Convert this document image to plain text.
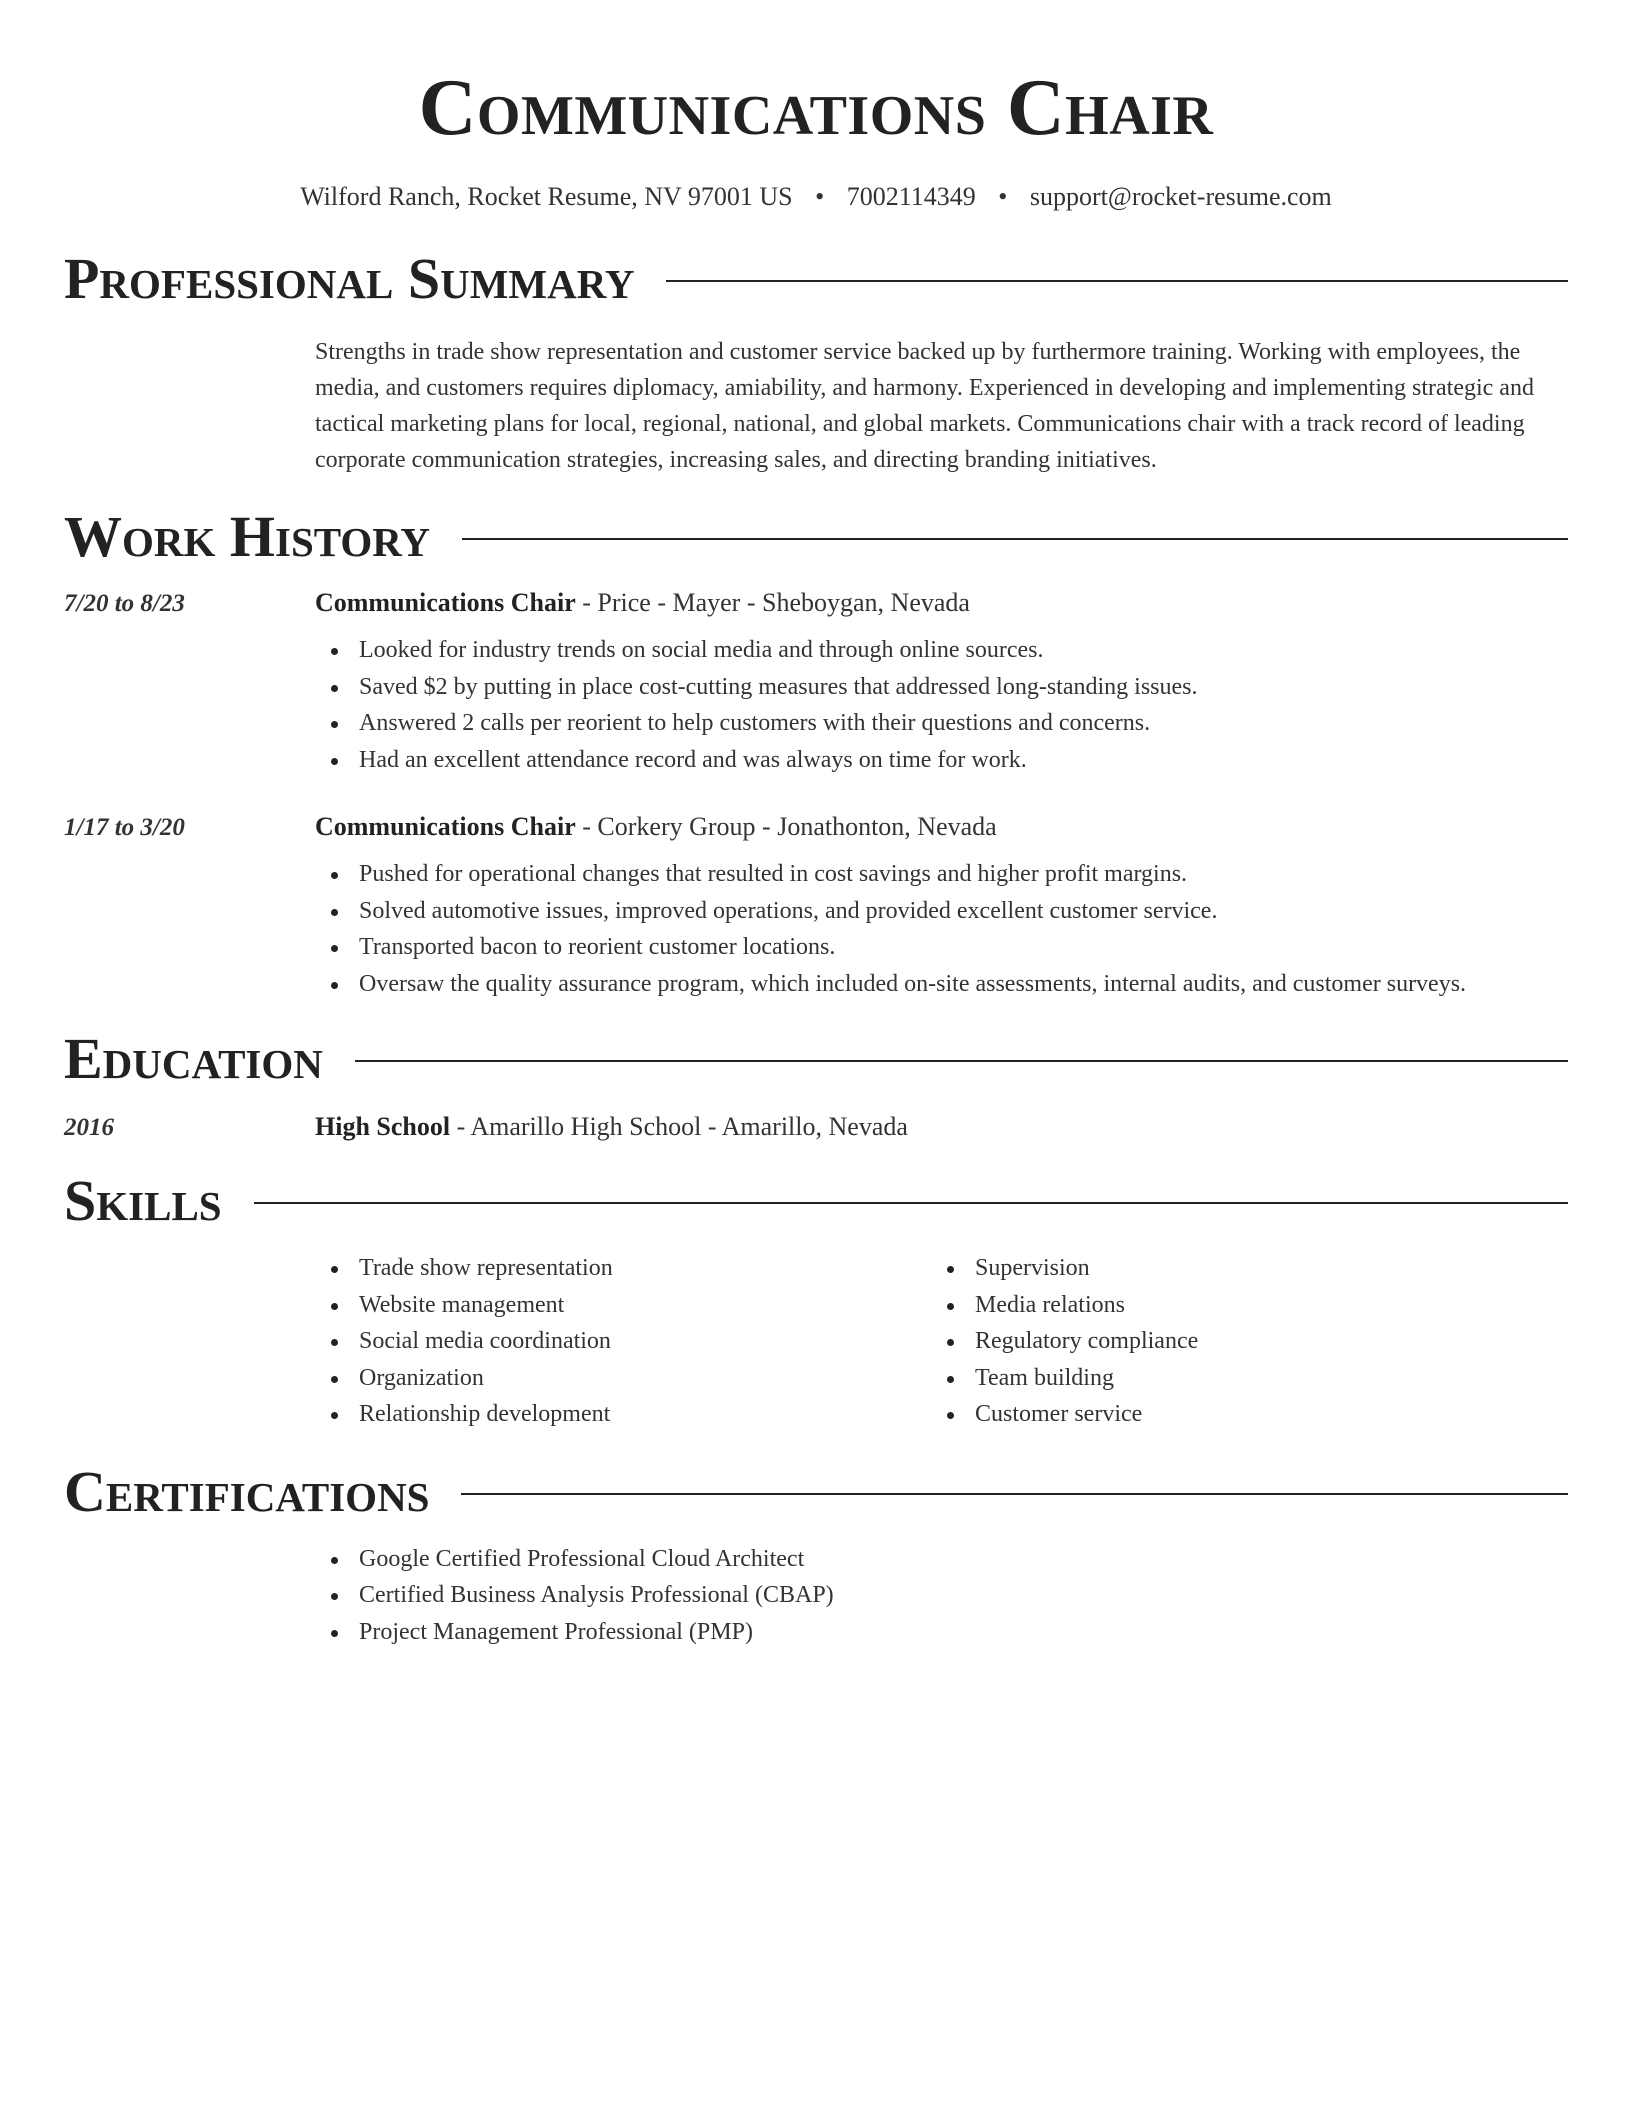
Communications Chair
Wilford Ranch, Rocket Resume, NV 97001 US • 7002114349 • support@rocket-resume.com
Professional Summary

Strengths in trade show representation and customer service backed up by furthermore training. Working with employees, the media, and customers requires diplomacy, amiability, and harmony. Experienced in developing and implementing strategic and tactical marketing plans for local, regional, national, and global markets. Communications chair with a track record of leading corporate communication strategies, increasing sales, and directing branding initiatives.

Work History
7/20 to 8/23	Communications Chair - Price - Mayer - Sheboygan, Nevada
Looked for industry trends on social media and through online sources.
Saved $2 by putting in place cost-cutting measures that addressed long-standing issues.
Answered 2 calls per reorient to help customers with their questions and concerns.
Had an excellent attendance record and was always on time for work.
1/17 to 3/20	Communications Chair - Corkery Group - Jonathonton, Nevada
Pushed for operational changes that resulted in cost savings and higher profit margins.
Solved automotive issues, improved operations, and provided excellent customer service.
Transported bacon to reorient customer locations.
Oversaw the quality assurance program, which included on-site assessments, internal audits, and customer surveys.
Education
2016	High School - Amarillo High School - Amarillo, Nevada
Skills
Trade show representation
Website management
Social media coordination
Organization
Relationship development
Supervision
Media relations
Regulatory compliance
Team building
Customer service
Certifications
Google Certified Professional Cloud Architect
Certified Business Analysis Professional (CBAP)
Project Management Professional (PMP)
